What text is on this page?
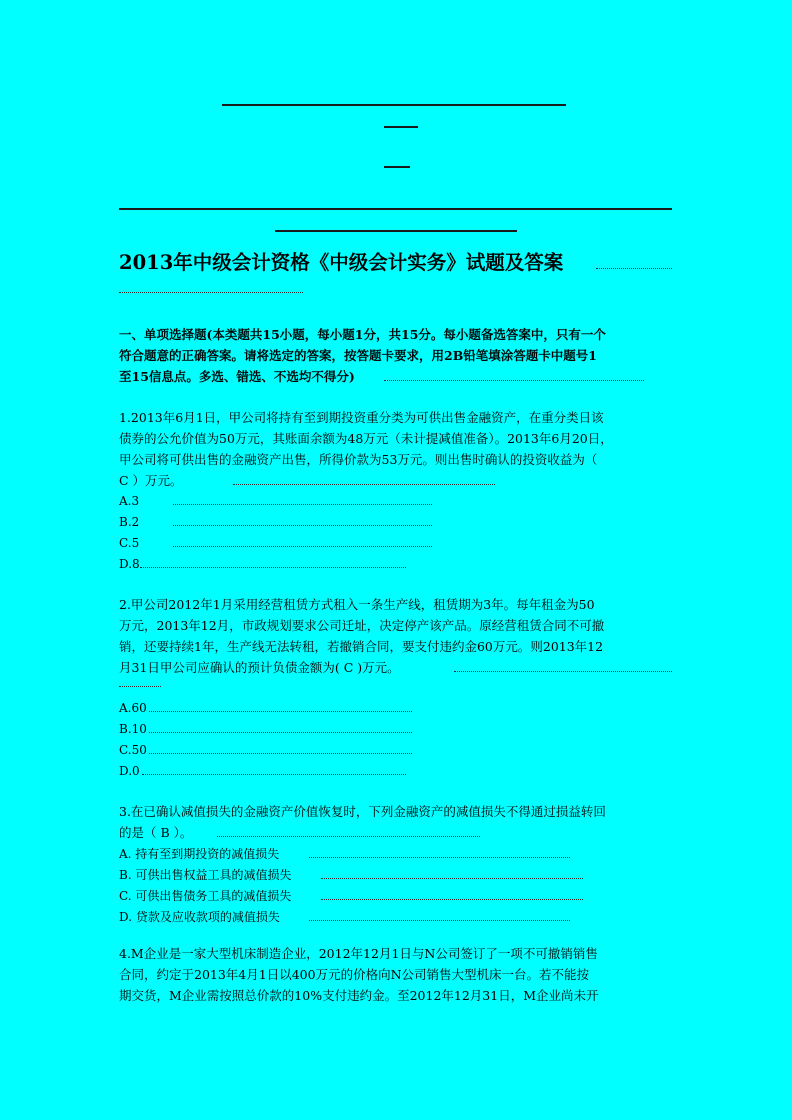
2013年中级会计资格《中级会计实务》试题及答案
一、单项选择题(本类题共15小题，每小题1分，共15分。每小题备选答案中，只有一个
符合题意的正确答案。请将选定的答案，按答题卡要求，用2B铅笔填涂答题卡中题号1
至15信息点。多选、错选、不选均不得分)
1.2013年6月1日，甲公司将持有至到期投资重分类为可供出售金融资产，在重分类日该
债券的公允价值为50万元，其账面余额为48万元（未计提减值准备）。2013年6月20日，
甲公司将可供出售的金融资产出售，所得价款为53万元。则出售时确认的投资收益为（
C ）万元。
A.3
B.2
C.5
D.8
2.甲公司2012年1月采用经营租赁方式租入一条生产线，租赁期为3年。每年租金为50
万元，2013年12月，市政规划要求公司迁址，决定停产该产品。原经营租赁合同不可撤
销，还要持续1年，生产线无法转租，若撤销合同，要支付违约金60万元。则2013年12
月31日甲公司应确认的预计负债金额为( C )万元。
A.60
B.10
C.50
D.0
3.在已确认减值损失的金融资产价值恢复时，下列金融资产的减值损失不得通过损益转回
的是（ B ）。
A. 持有至到期投资的减值损失
B. 可供出售权益工具的减值损失
C. 可供出售债务工具的减值损失
D. 贷款及应收款项的减值损失
4.M企业是一家大型机床制造企业，2012年12月1日与N公司签订了一项不可撤销销售
合同，约定于2013年4月1日以400万元的价格向N公司销售大型机床一台。若不能按
期交货，M企业需按照总价款的10%支付违约金。至2012年12月31日，M企业尚未开
